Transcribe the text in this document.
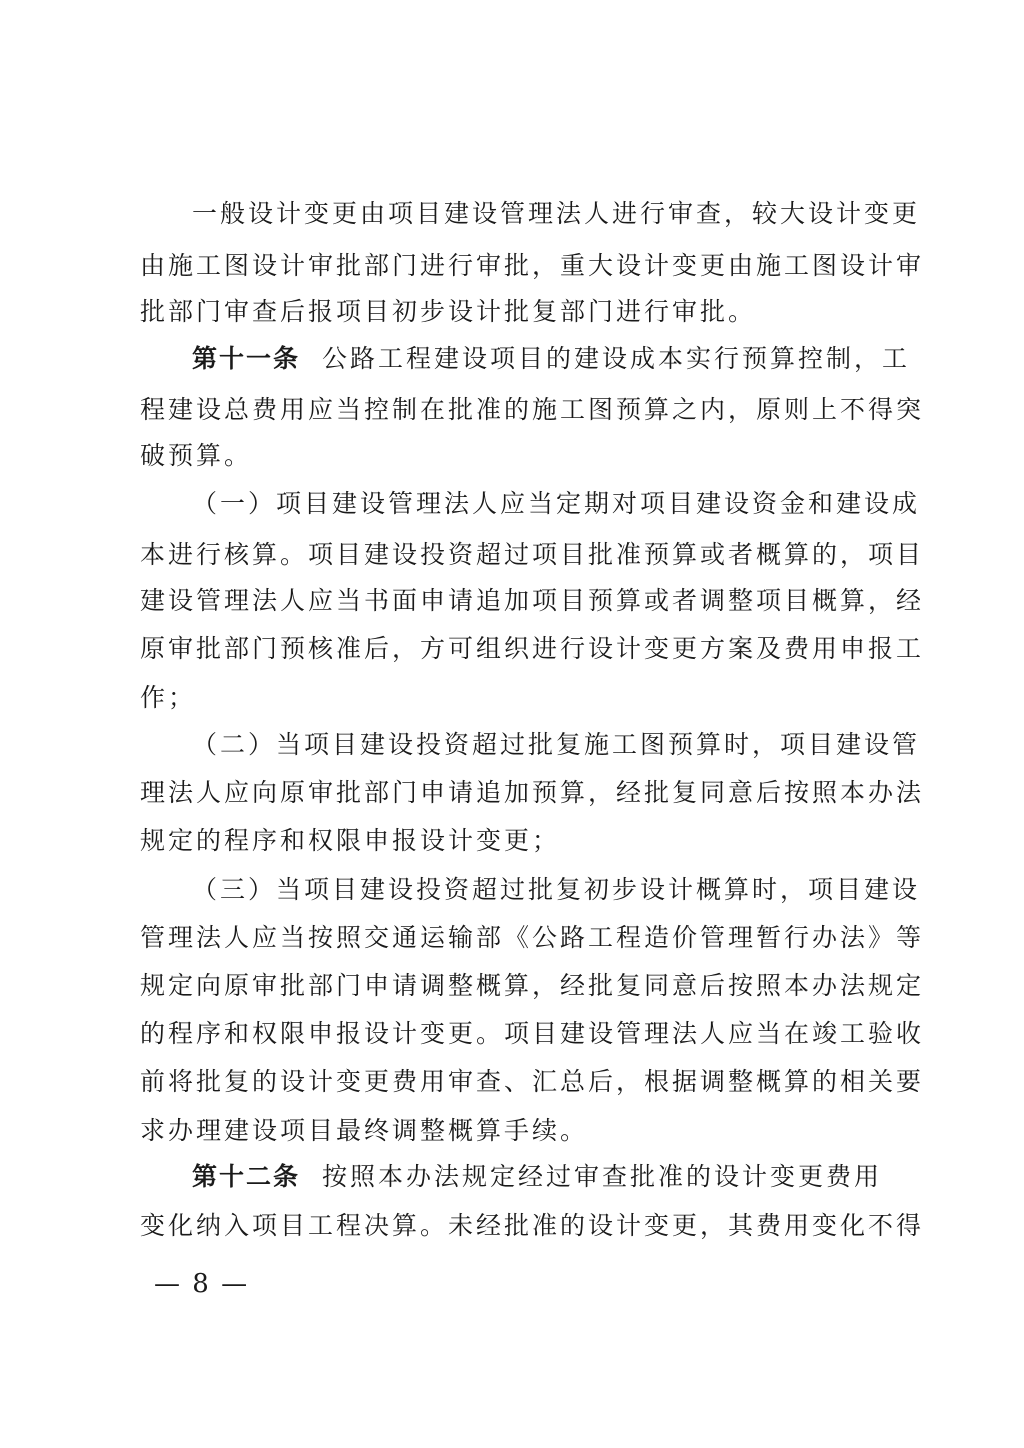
一般设计变更由项目建设管理法人进行审查，较大设计变更
由施工图设计审批部门进行审批，重大设计变更由施工图设计审
批部门审查后报项目初步设计批复部门进行审批。
第十一条 公路工程建设项目的建设成本实行预算控制，工
程建设总费用应当控制在批准的施工图预算之内，原则上不得突
破预算。
（一）项目建设管理法人应当定期对项目建设资金和建设成
本进行核算。项目建设投资超过项目批准预算或者概算的，项目
建设管理法人应当书面申请追加项目预算或者调整项目概算，经
原审批部门预核准后，方可组织进行设计变更方案及费用申报工
作；
（二）当项目建设投资超过批复施工图预算时，项目建设管
理法人应向原审批部门申请追加预算，经批复同意后按照本办法
规定的程序和权限申报设计变更；
（三）当项目建设投资超过批复初步设计概算时，项目建设
管理法人应当按照交通运输部《公路工程造价管理暂行办法》等
规定向原审批部门申请调整概算，经批复同意后按照本办法规定
的程序和权限申报设计变更。项目建设管理法人应当在竣工验收
前将批复的设计变更费用审查、汇总后，根据调整概算的相关要
求办理建设项目最终调整概算手续。
第十二条 按照本办法规定经过审查批准的设计变更费用
变化纳入项目工程决算。未经批准的设计变更，其费用变化不得
— 8 —
